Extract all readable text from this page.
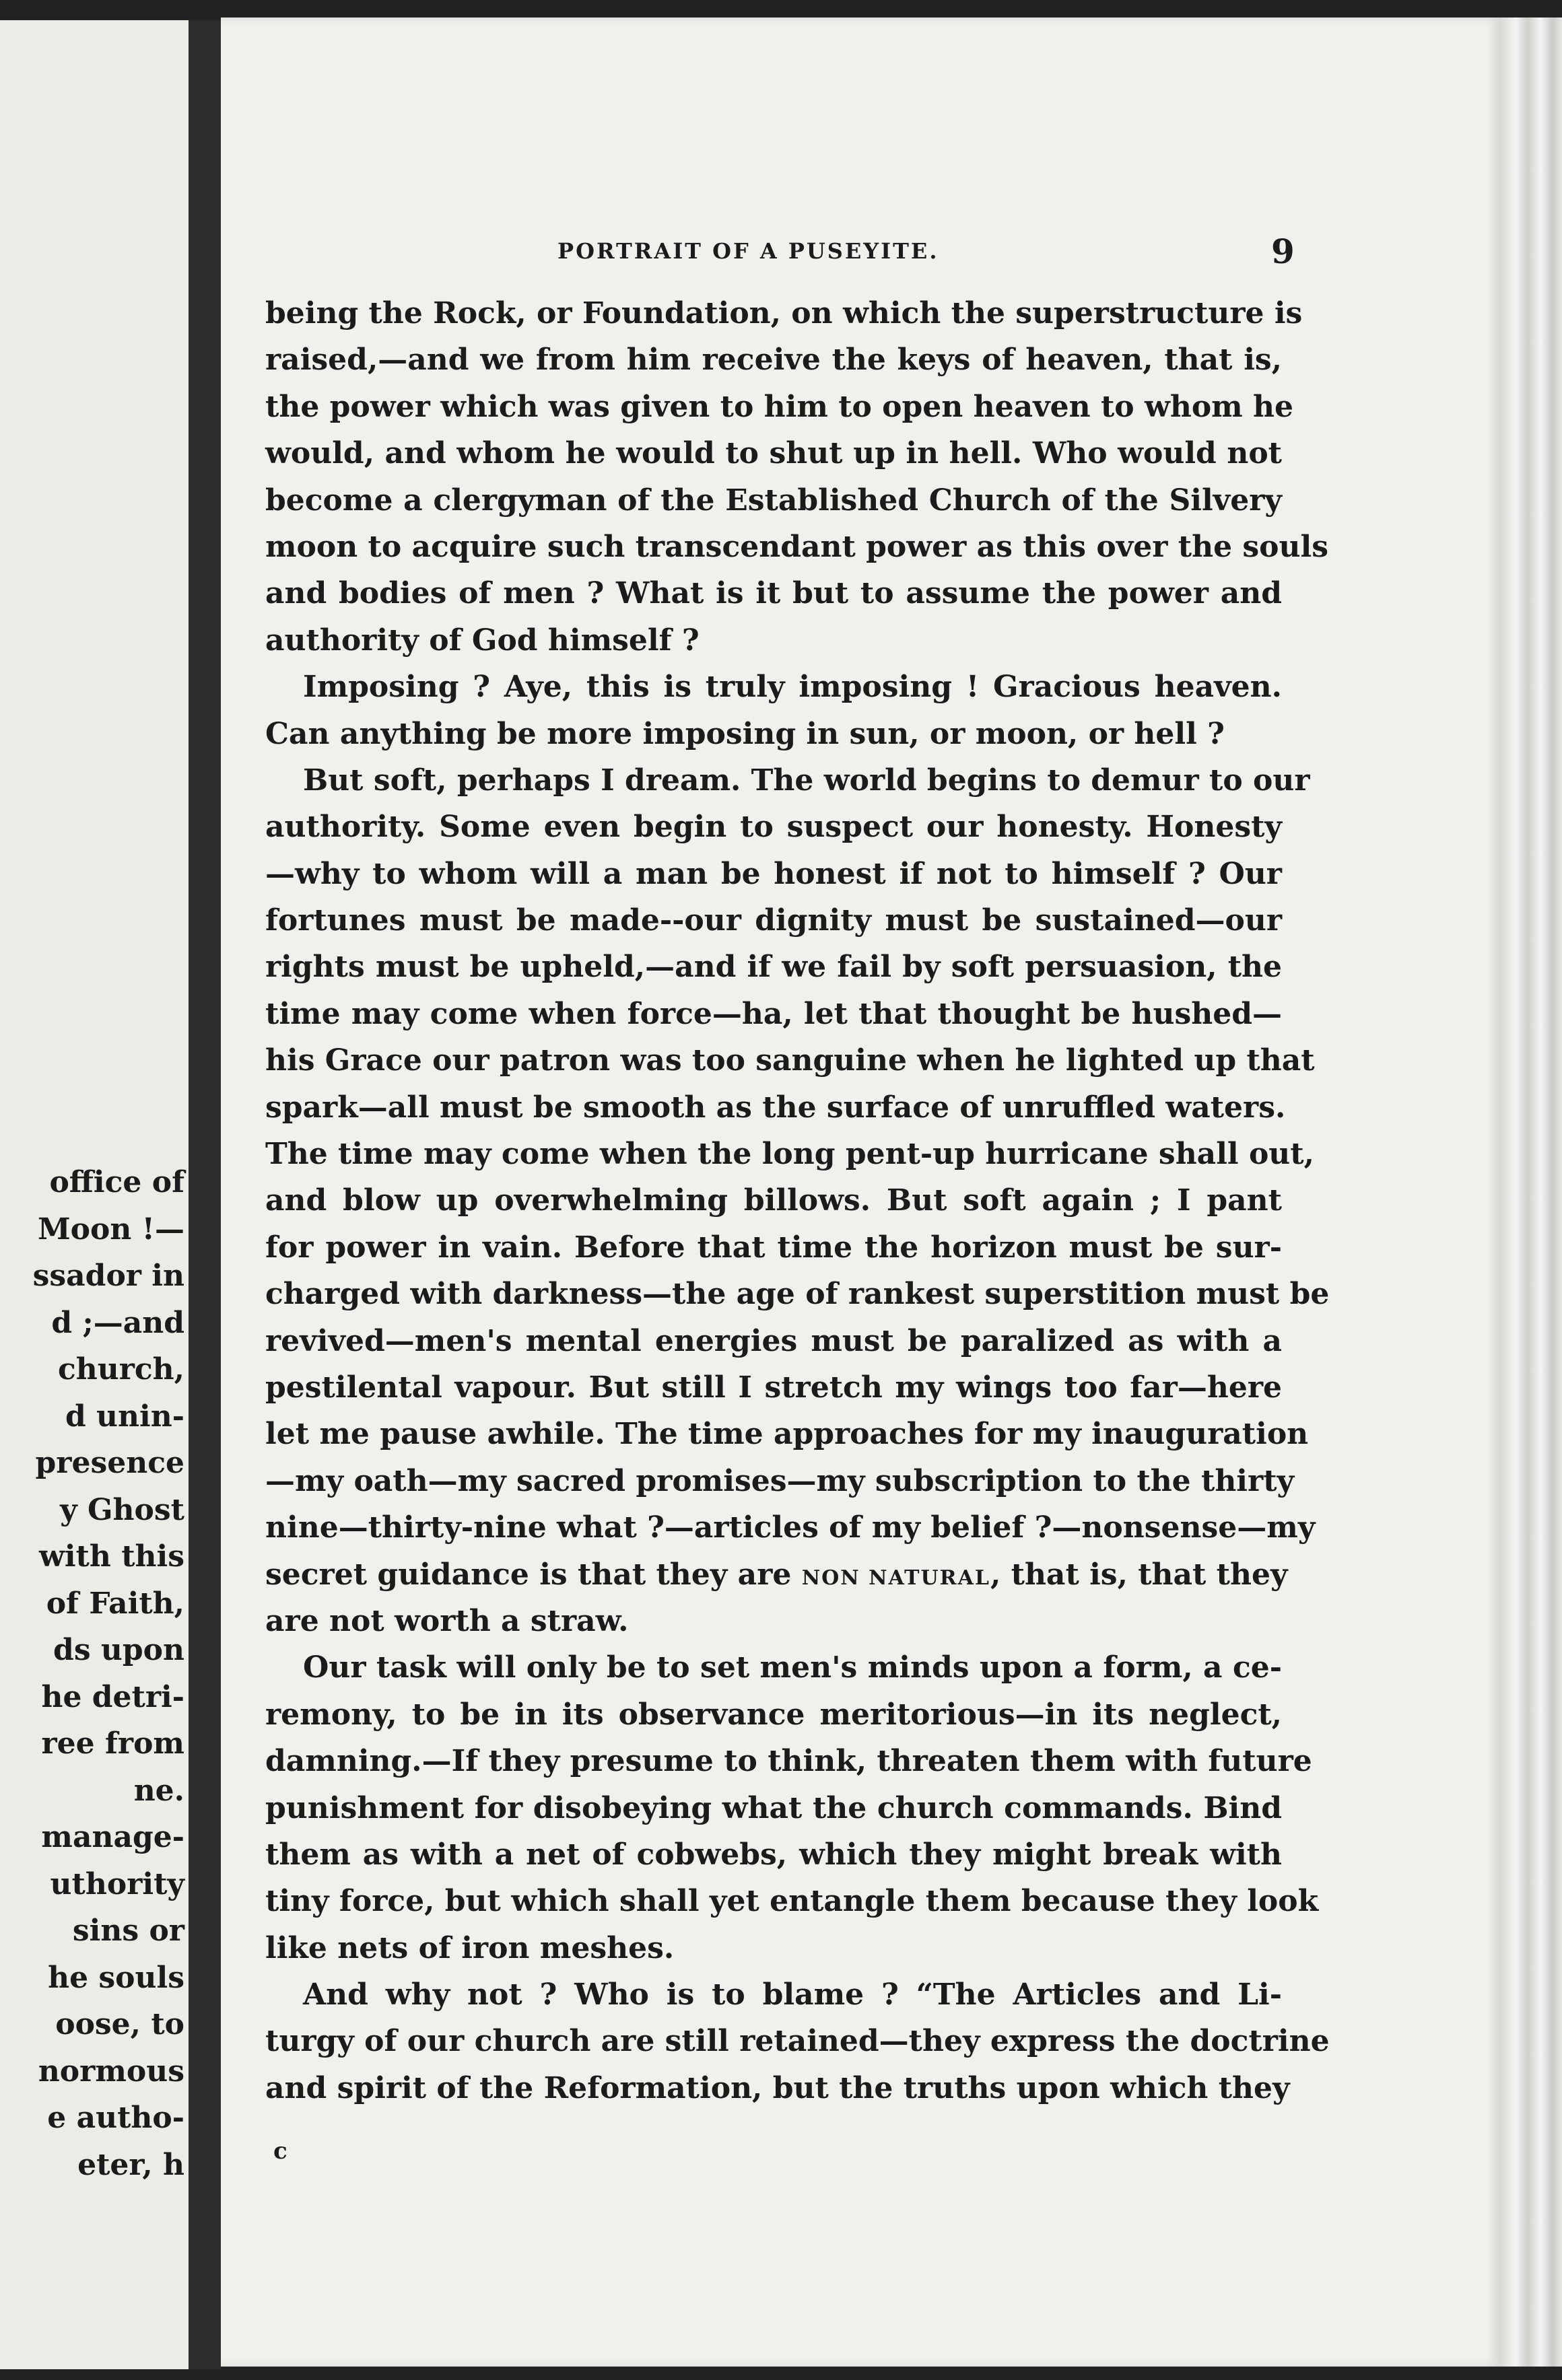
office of
Moon !—
ssador in
d ;—and
church,
d unin-
presence
y Ghost
with this
of Faith,
ds upon
he detri-
ree from
ne.
manage-
uthority
sins or
he souls
oose, to
normous
e autho-
eter, h
PORTRAIT OF A PUSEYITE.	9
being the Rock, or Foundation, on which the superstructure is
raised,—and we from him receive the keys of heaven, that is,
the power which was given to him to open heaven to whom he
would, and whom he would to shut up in hell. Who would not
become a clergyman of the Established Church of the Silvery
moon to acquire such transcendant power as this over the souls
and bodies of men ? What is it but to assume the power and
authority of God himself ?
Imposing ? Aye, this is truly imposing ! Gracious heaven.
Can anything be more imposing in sun, or moon, or hell ?
But soft, perhaps I dream. The world begins to demur to our
authority. Some even begin to suspect our honesty. Honesty
—why to whom will a man be honest if not to himself ? Our
fortunes must be made--our dignity must be sustained—our
rights must be upheld,—and if we fail by soft persuasion, the
time may come when force—ha, let that thought be hushed—
his Grace our patron was too sanguine when he lighted up that
spark—all must be smooth as the surface of unruffled waters.
The time may come when the long pent-up hurricane shall out,
and blow up overwhelming billows. But soft again ; I pant
for power in vain. Before that time the horizon must be sur-
charged with darkness—the age of rankest superstition must be
revived—men's mental energies must be paralized as with a
pestilental vapour. But still I stretch my wings too far—here
let me pause awhile. The time approaches for my inauguration
—my oath—my sacred promises—my subscription to the thirty
nine—thirty-nine what ?—articles of my belief ?—nonsense—my
secret guidance is that they are NON NATURAL, that is, that they
are not worth a straw.
Our task will only be to set men's minds upon a form, a ce-
remony, to be in its observance meritorious—in its neglect,
damning.—If they presume to think, threaten them with future
punishment for disobeying what the church commands. Bind
them as with a net of cobwebs, which they might break with
tiny force, but which shall yet entangle them because they look
like nets of iron meshes.
And why not ? Who is to blame ? “The Articles and Li-
turgy of our church are still retained—they express the doctrine
and spirit of the Reformation, but the truths upon which they
c
